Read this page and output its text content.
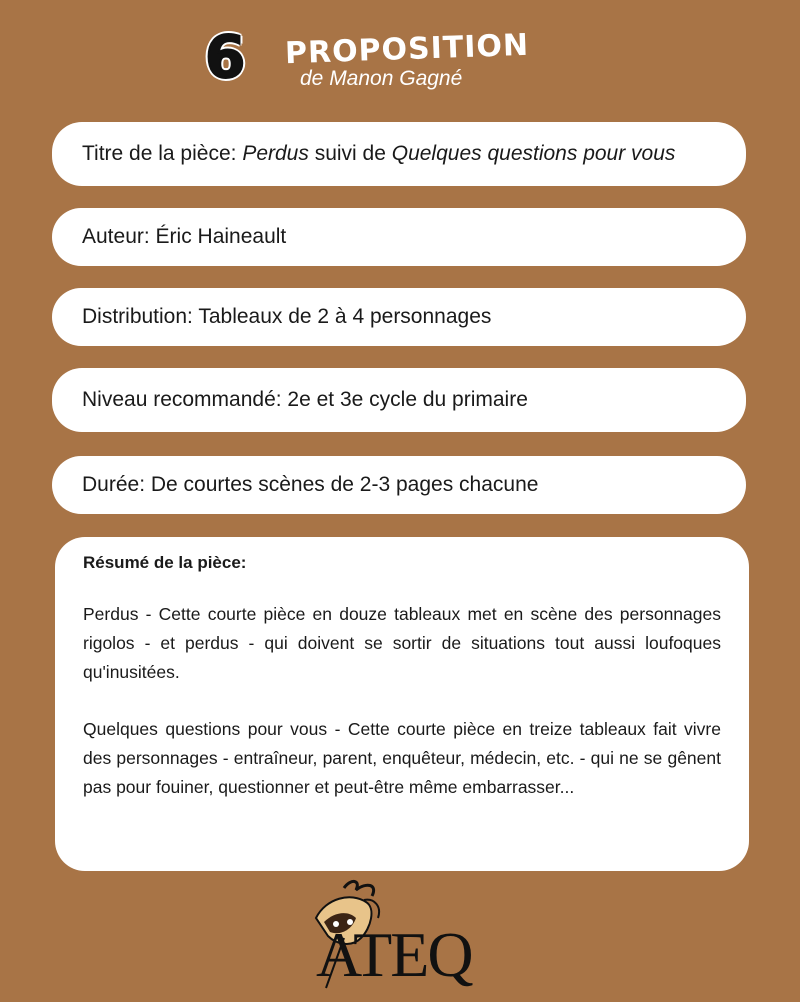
6 PROPOSITION
de Manon Gagné
Titre de la pièce: Perdus suivi de Quelques questions pour vous
Auteur: Éric Haineault
Distribution: Tableaux de 2 à 4 personnages
Niveau recommandé: 2e et 3e cycle du primaire
Durée: De courtes scènes de 2-3 pages chacune
Résumé de la pièce:

Perdus - Cette courte pièce en douze tableaux met en scène des personnages rigolos - et perdus - qui doivent se sortir de situations tout aussi loufoques qu'inusitées.

Quelques questions pour vous - Cette courte pièce en treize tableaux fait vivre des personnages - entraîneur, parent, enquêteur, médecin, etc. - qui ne se gênent pas pour fouiner, questionner et peut-être même embarrasser...

ATEQ
